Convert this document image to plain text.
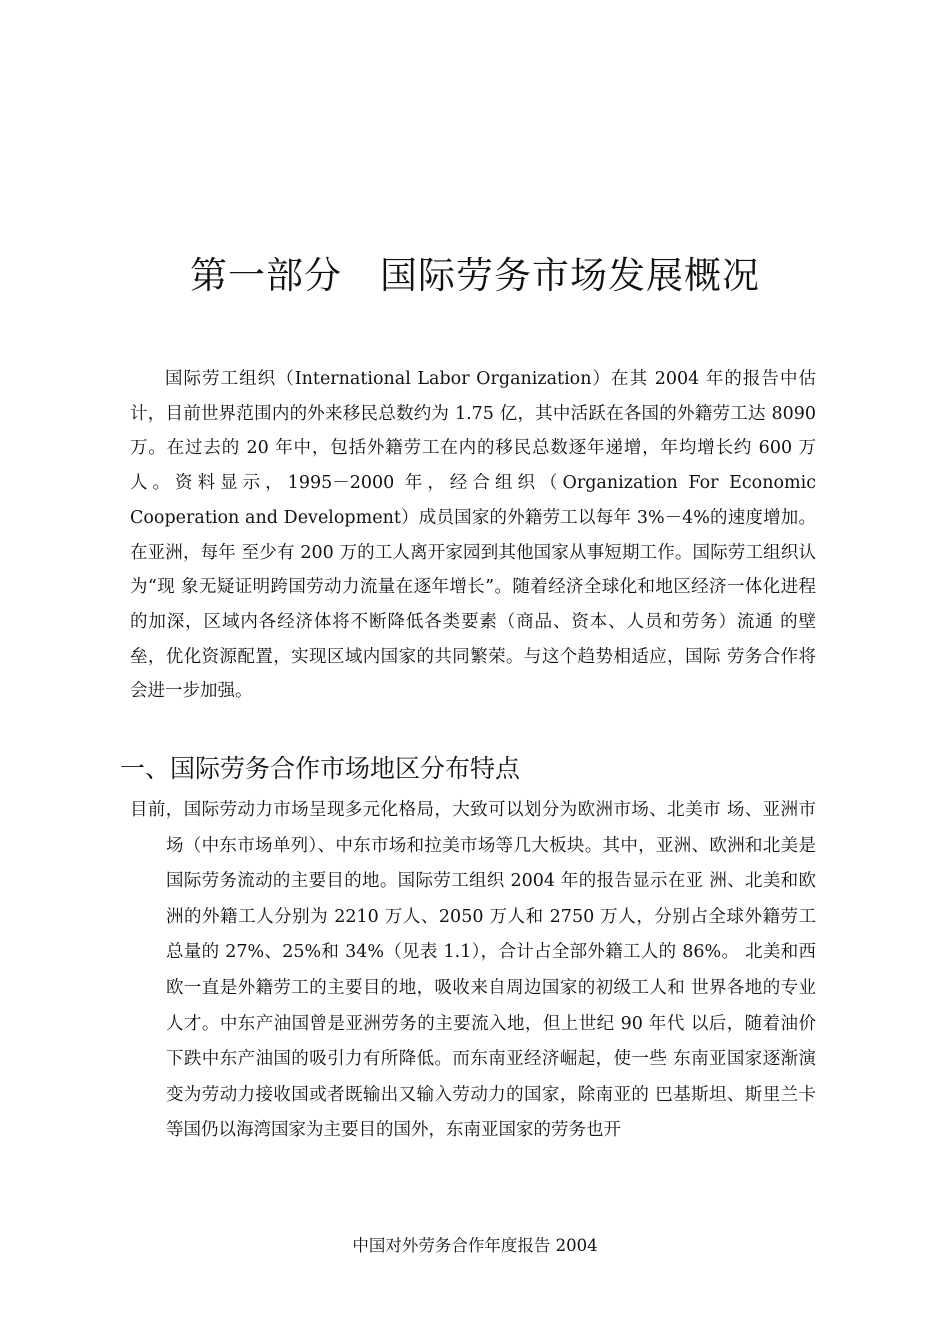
第一部分　国际劳务市场发展概况

国际劳工组织（International Labor Organization）在其 2004 年的报告中估计，目前世界范围内的外来移民总数约为 1.75 亿，其中活跃在各国的外籍劳工达 8090 万。在过去的 20 年中，包括外籍劳工在内的移民总数逐年递增，年均增长约 600 万人。资料显示，1995－2000 年，经合组织（Organization For Economic Cooperation and Development）成员国家的外籍劳工以每年 3%－4%的速度增加。在亚洲，每年 至少有 200 万的工人离开家园到其他国家从事短期工作。国际劳工组织认为“现 象无疑证明跨国劳动力流量在逐年增长”。随着经济全球化和地区经济一体化进程 的加深，区域内各经济体将不断降低各类要素（商品、资本、人员和劳务）流通 的壁垒，优化资源配置，实现区域内国家的共同繁荣。与这个趋势相适应，国际 劳务合作将会进一步加强。

一、国际劳务合作市场地区分布特点

目前，国际劳动力市场呈现多元化格局，大致可以划分为欧洲市场、北美市 场、亚洲市场（中东市场单列）、中东市场和拉美市场等几大板块。其中，亚洲、欧洲和北美是国际劳务流动的主要目的地。国际劳工组织 2004 年的报告显示在亚 洲、北美和欧洲的外籍工人分别为 2210 万人、2050 万人和 2750 万人，分别占全球外籍劳工总量的 27%、25%和 34%（见表 1.1），合计占全部外籍工人的 86%。 北美和西欧一直是外籍劳工的主要目的地，吸收来自周边国家的初级工人和 世界各地的专业人才。中东产油国曾是亚洲劳务的主要流入地，但上世纪 90 年代 以后，随着油价下跌中东产油国的吸引力有所降低。而东南亚经济崛起，使一些 东南亚国家逐渐演变为劳动力接收国或者既输出又输入劳动力的国家，除南亚的 巴基斯坦、斯里兰卡等国仍以海湾国家为主要目的国外，东南亚国家的劳务也开

中国对外劳务合作年度报告 2004
